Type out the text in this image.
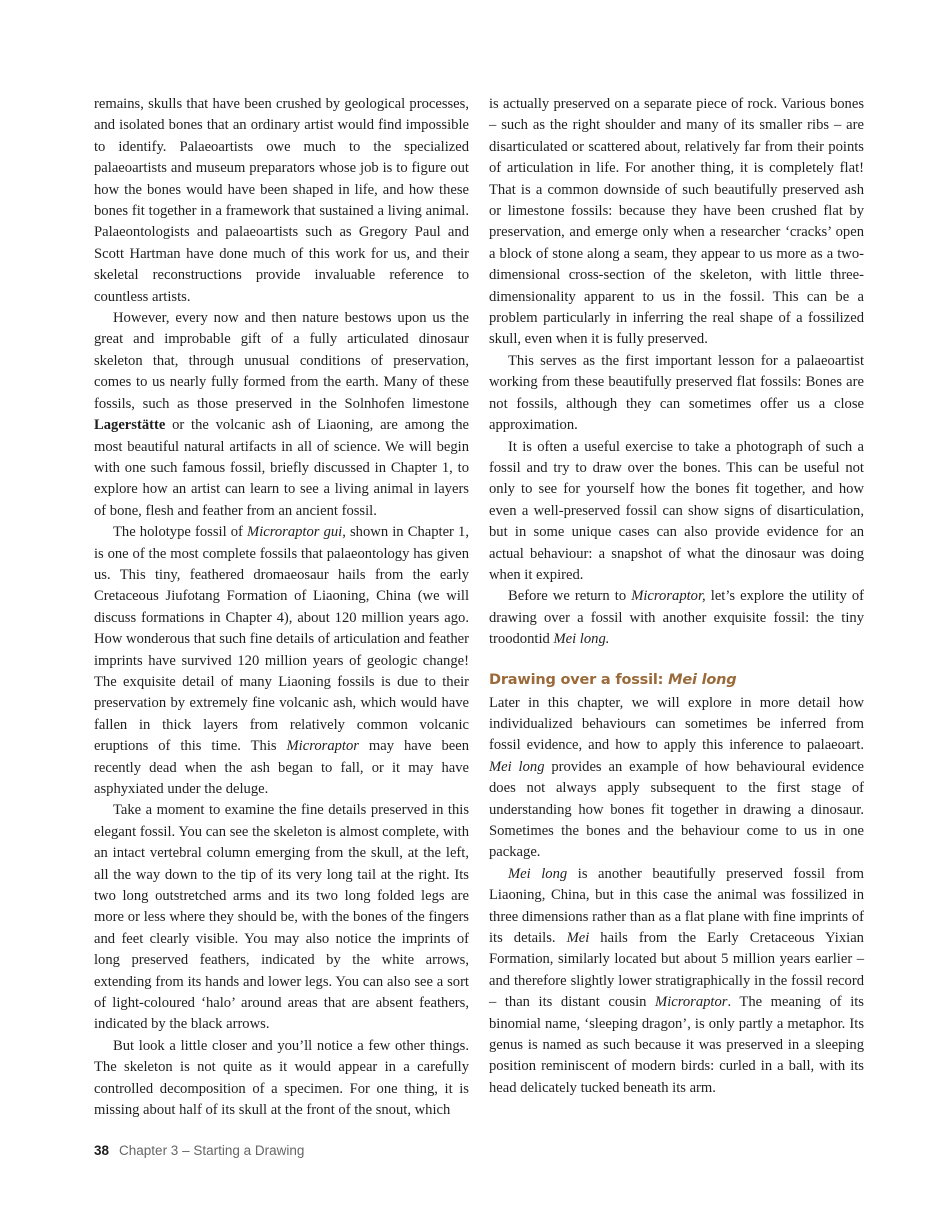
remains, skulls that have been crushed by geological processes, and isolated bones that an ordinary artist would find impossible to identify. Palaeoartists owe much to the specialized palaeoartists and museum preparators whose job is to figure out how the bones would have been shaped in life, and how these bones fit together in a framework that sustained a living animal. Palaeontologists and palaeoartists such as Gregory Paul and Scott Hartman have done much of this work for us, and their skeletal reconstructions provide invaluable reference to countless artists.

However, every now and then nature bestows upon us the great and improbable gift of a fully articulated dinosaur skeleton that, through unusual conditions of preservation, comes to us nearly fully formed from the earth. Many of these fossils, such as those preserved in the Solnhofen limestone Lagerstätte or the volcanic ash of Liaoning, are among the most beautiful natural artifacts in all of science. We will begin with one such famous fossil, briefly discussed in Chapter 1, to explore how an artist can learn to see a living animal in layers of bone, flesh and feather from an ancient fossil.

The holotype fossil of Microraptor gui, shown in Chapter 1, is one of the most complete fossils that palaeontology has given us. This tiny, feathered dromaeosaur hails from the early Cretaceous Jiufotang Formation of Liaoning, China (we will discuss formations in Chapter 4), about 120 million years ago. How wonderous that such fine details of articulation and feather imprints have survived 120 million years of geologic change! The exquisite detail of many Liaoning fossils is due to their preservation by extremely fine volcanic ash, which would have fallen in thick layers from relatively common volcanic eruptions of this time. This Microraptor may have been recently dead when the ash began to fall, or it may have asphyxiated under the deluge.

Take a moment to examine the fine details preserved in this elegant fossil. You can see the skeleton is almost complete, with an intact vertebral column emerging from the skull, at the left, all the way down to the tip of its very long tail at the right. Its two long outstretched arms and its two long folded legs are more or less where they should be, with the bones of the fingers and feet clearly visible. You may also notice the imprints of long preserved feathers, indicated by the white arrows, extending from its hands and lower legs. You can also see a sort of light-coloured ‘halo’ around areas that are absent feathers, indicated by the black arrows.

But look a little closer and you’ll notice a few other things. The skeleton is not quite as it would appear in a carefully controlled decomposition of a specimen. For one thing, it is missing about half of its skull at the front of the snout, which

is actually preserved on a separate piece of rock. Various bones – such as the right shoulder and many of its smaller ribs – are disarticulated or scattered about, relatively far from their points of articulation in life. For another thing, it is completely flat! That is a common downside of such beautifully preserved ash or limestone fossils: because they have been crushed flat by preservation, and emerge only when a researcher ‘cracks’ open a block of stone along a seam, they appear to us more as a two-dimensional cross-section of the skeleton, with little three-dimensionality apparent to us in the fossil. This can be a problem particularly in inferring the real shape of a fossilized skull, even when it is fully preserved.

This serves as the first important lesson for a palaeoartist working from these beautifully preserved flat fossils: Bones are not fossils, although they can sometimes offer us a close approximation.

It is often a useful exercise to take a photograph of such a fossil and try to draw over the bones. This can be useful not only to see for yourself how the bones fit together, and how even a well-preserved fossil can show signs of disarticulation, but in some unique cases can also provide evidence for an actual behaviour: a snapshot of what the dinosaur was doing when it expired.

Before we return to Microraptor, let’s explore the utility of drawing over a fossil with another exquisite fossil: the tiny troodontid Mei long.

Drawing over a fossil: Mei long

Later in this chapter, we will explore in more detail how individualized behaviours can sometimes be inferred from fossil evidence, and how to apply this inference to palaeoart. Mei long provides an example of how behavioural evidence does not always apply subsequent to the first stage of understanding how bones fit together in drawing a dinosaur. Sometimes the bones and the behaviour come to us in one package.

Mei long is another beautifully preserved fossil from Liaoning, China, but in this case the animal was fossilized in three dimensions rather than as a flat plane with fine imprints of its details. Mei hails from the Early Cretaceous Yixian Formation, similarly located but about 5 million years earlier – and therefore slightly lower stratigraphically in the fossil record – than its distant cousin Microraptor. The meaning of its binomial name, ‘sleeping dragon’, is only partly a metaphor. Its genus is named as such because it was preserved in a sleeping position reminiscent of modern birds: curled in a ball, with its head delicately tucked beneath its arm.

38 Chapter 3 – Starting a Drawing
